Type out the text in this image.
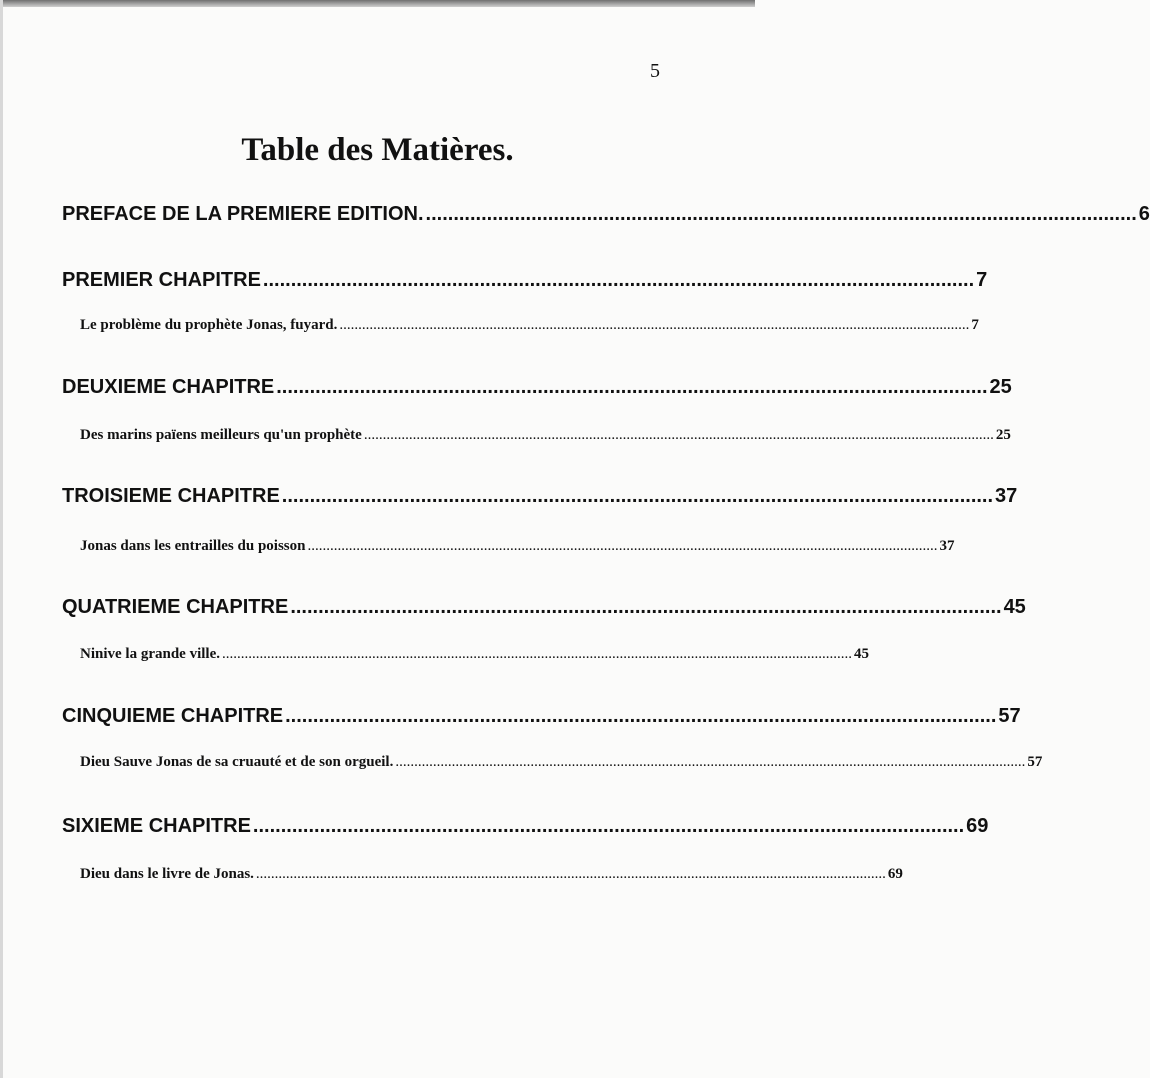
5
Table des Matières.
PREFACE DE LA PREMIERE EDITION. ................................................................................................................................ 6
PREMIER CHAPITRE ................................................................................................................................ 7
Le problème du prophète Jonas, fuyard. ........................................................................................................................................................................ 7
DEUXIEME CHAPITRE ................................................................................................................................ 25
Des marins païens meilleurs qu'un prophète ........................................................................................................................................................................ 25
TROISIEME CHAPITRE ................................................................................................................................ 37
Jonas dans les entrailles du poisson ........................................................................................................................................................................ 37
QUATRIEME CHAPITRE ................................................................................................................................ 45
Ninive la grande ville. ........................................................................................................................................................................ 45
CINQUIEME CHAPITRE ................................................................................................................................ 57
Dieu Sauve Jonas de sa cruauté et de son orgueil. ........................................................................................................................................................................ 57
SIXIEME CHAPITRE ................................................................................................................................ 69
Dieu dans le livre de Jonas. ........................................................................................................................................................................ 69
